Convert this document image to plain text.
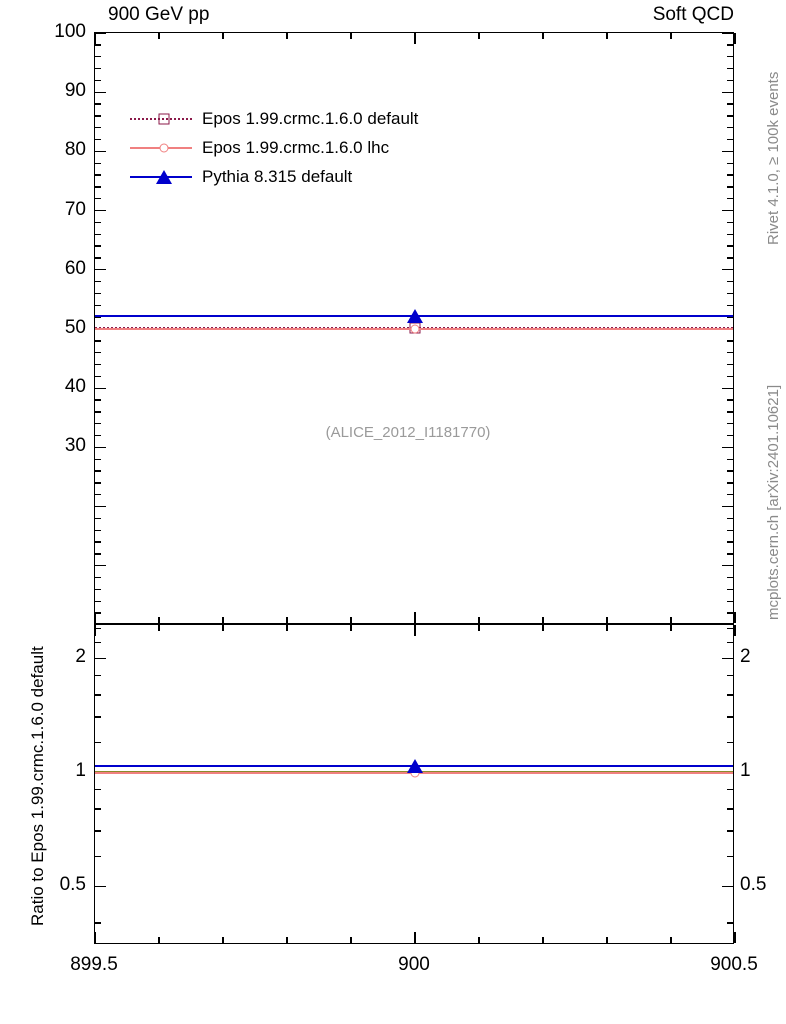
900 GeV pp	Soft QCD
Epos 1.99.crmc.1.6.0 default
Epos 1.99.crmc.1.6.0 lhc
Pythia 8.315 default
(ALICE_2012_I1181770)
Rivet 4.1.0, ≥ 100k events
mcplots.cern.ch [arXiv:2401.10621]
Ratio to Epos 1.99.crmc.1.6.0 default
30
40
50
60
70
80
90
100
0.5	0.5
1	1
2	2
899.5	900	900.5
